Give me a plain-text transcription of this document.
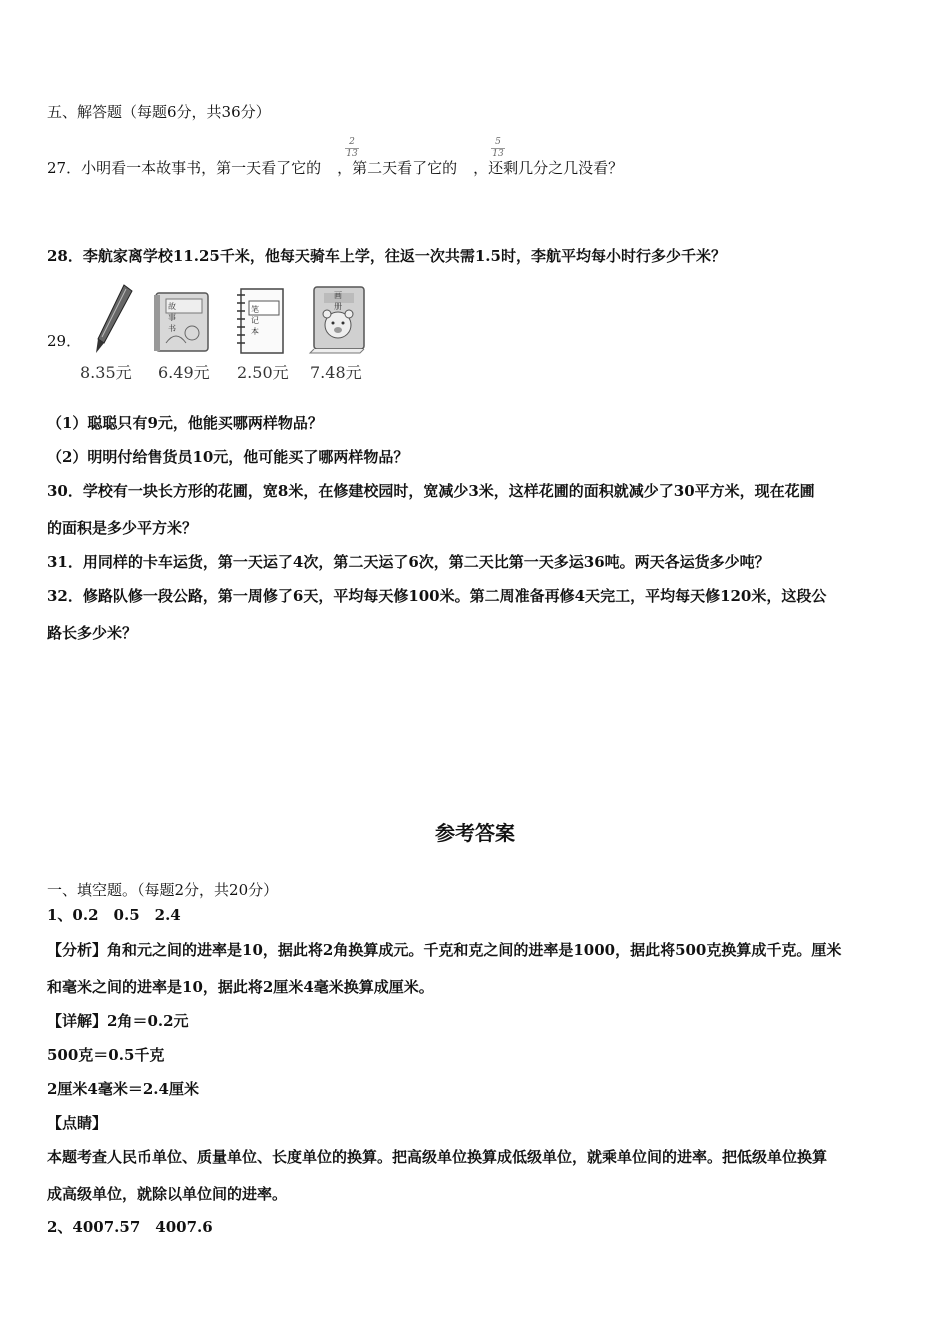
五、解答题（每题6分，共36分）
27．小明看一本故事书，第一天看了它的 ，第二天看了它的 ，还剩几分之几没看？
$\frac{2}{13}$	$\frac{5}{13}$
28．李航家离学校11.25千米，他每天骑车上学，往返一次共需1.5时，李航平均每小时行多少千米？
29．
8.35元
故事书
6.49元
笔记本
2.50元
画册
7.48元
（1）聪聪只有9元，他能买哪两样物品？
（2）明明付给售货员10元，他可能买了哪两样物品？
30．学校有一块长方形的花圃，宽8米，在修建校园时，宽减少3米，这样花圃的面积就减少了30平方米，现在花圃
的面积是多少平方米？
31．用同样的卡车运货，第一天运了4次，第二天运了6次，第二天比第一天多运36吨。两天各运货多少吨？
32．修路队修一段公路，第一周修了6天，平均每天修100米。第二周准备再修4天完工，平均每天修120米，这段公
路长多少米？
参考答案
一、填空题。（每题2分，共20分）
1、0.2　0.5　2.4
【分析】角和元之间的进率是10，据此将2角换算成元。千克和克之间的进率是1000，据此将500克换算成千克。厘米
和毫米之间的进率是10，据此将2厘米4毫米换算成厘米。
【详解】2角＝0.2元
500克＝0.5千克
2厘米4毫米＝2.4厘米
【点睛】
本题考查人民币单位、质量单位、长度单位的换算。把高级单位换算成低级单位，就乘单位间的进率。把低级单位换算
成高级单位，就除以单位间的进率。
2、4007.57　4007.6
